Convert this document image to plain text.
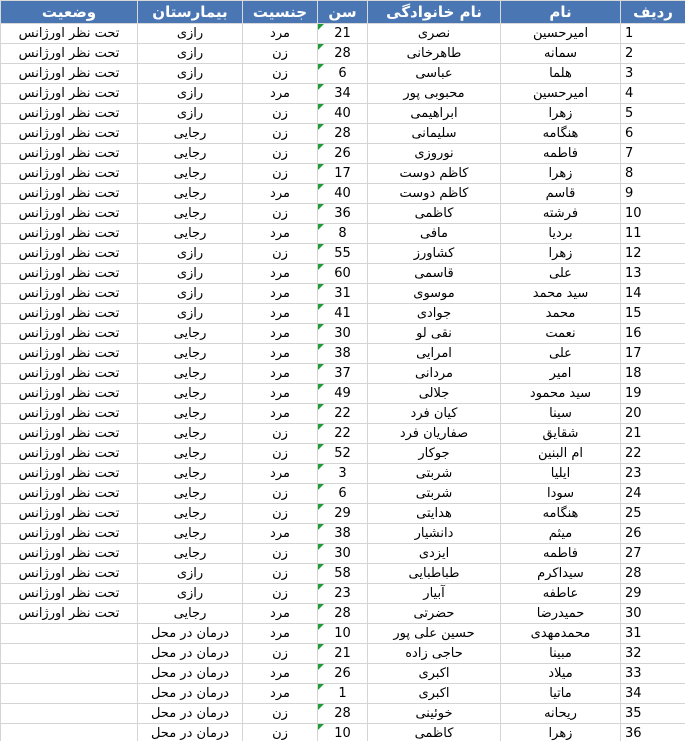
ردیف	نام	نام خانوادگی	سن	جنسیت	بیمارستان	وضعیت
1	امیرحسین	نصری	21	مرد	رازی	تحت نظر اورژانس
2	سمانه	طاهرخانی	28	زن	رازی	تحت نظر اورژانس
3	هلما	عباسی	6	زن	رازی	تحت نظر اورژانس
4	امیرحسین	محبوبی پور	34	مرد	رازی	تحت نظر اورژانس
5	زهرا	ابراهیمی	40	زن	رازی	تحت نظر اورژانس
6	هنگامه	سلیمانی	28	زن	رجایی	تحت نظر اورژانس
7	فاطمه	نوروزی	26	زن	رجایی	تحت نظر اورژانس
8	زهرا	کاظم دوست	17	زن	رجایی	تحت نظر اورژانس
9	قاسم	کاظم دوست	40	مرد	رجایی	تحت نظر اورژانس
10	فرشته	کاظمی	36	زن	رجایی	تحت نظر اورژانس
11	بردیا	مافی	8	مرد	رجایی	تحت نظر اورژانس
12	زهرا	کشاورز	55	زن	رازی	تحت نظر اورژانس
13	علی	قاسمی	60	مرد	رازی	تحت نظر اورژانس
14	سید محمد	موسوی	31	مرد	رازی	تحت نظر اورژانس
15	محمد	جوادی	41	مرد	رازی	تحت نظر اورژانس
16	نعمت	نقی لو	30	مرد	رجایی	تحت نظر اورژانس
17	علی	امرایی	38	مرد	رجایی	تحت نظر اورژانس
18	امیر	مردانی	37	مرد	رجایی	تحت نظر اورژانس
19	سید محمود	جلالی	49	مرد	رجایی	تحت نظر اورژانس
20	سینا	کیان فرد	22	مرد	رجایی	تحت نظر اورژانس
21	شقایق	صفاریان فرد	22	زن	رجایی	تحت نظر اورژانس
22	ام البنین	جوکار	52	زن	رجایی	تحت نظر اورژانس
23	ایلیا	شربتی	3	مرد	رجایی	تحت نظر اورژانس
24	سودا	شربتی	6	زن	رجایی	تحت نظر اورژانس
25	هنگامه	هدایتی	29	زن	رجایی	تحت نظر اورژانس
26	میثم	دانشیار	38	مرد	رجایی	تحت نظر اورژانس
27	فاطمه	ایزدی	30	زن	رجایی	تحت نظر اورژانس
28	سیداکرم	طباطبایی	58	زن	رازی	تحت نظر اورژانس
29	عاطفه	آبیار	23	زن	رازی	تحت نظر اورژانس
30	حمیدرضا	حضرتی	28	مرد	رجایی	تحت نظر اورژانس
31	محمدمهدی	حسین علی پور	10	مرد	درمان در محل	
32	مبینا	حاجی زاده	21	زن	درمان در محل	
33	میلاد	اکبری	26	مرد	درمان در محل	
34	ماتیا	اکبری	1	مرد	درمان در محل	
35	ریحانه	خوئینی	28	زن	درمان در محل	
36	زهرا	کاظمی	10	زن	درمان در محل	
